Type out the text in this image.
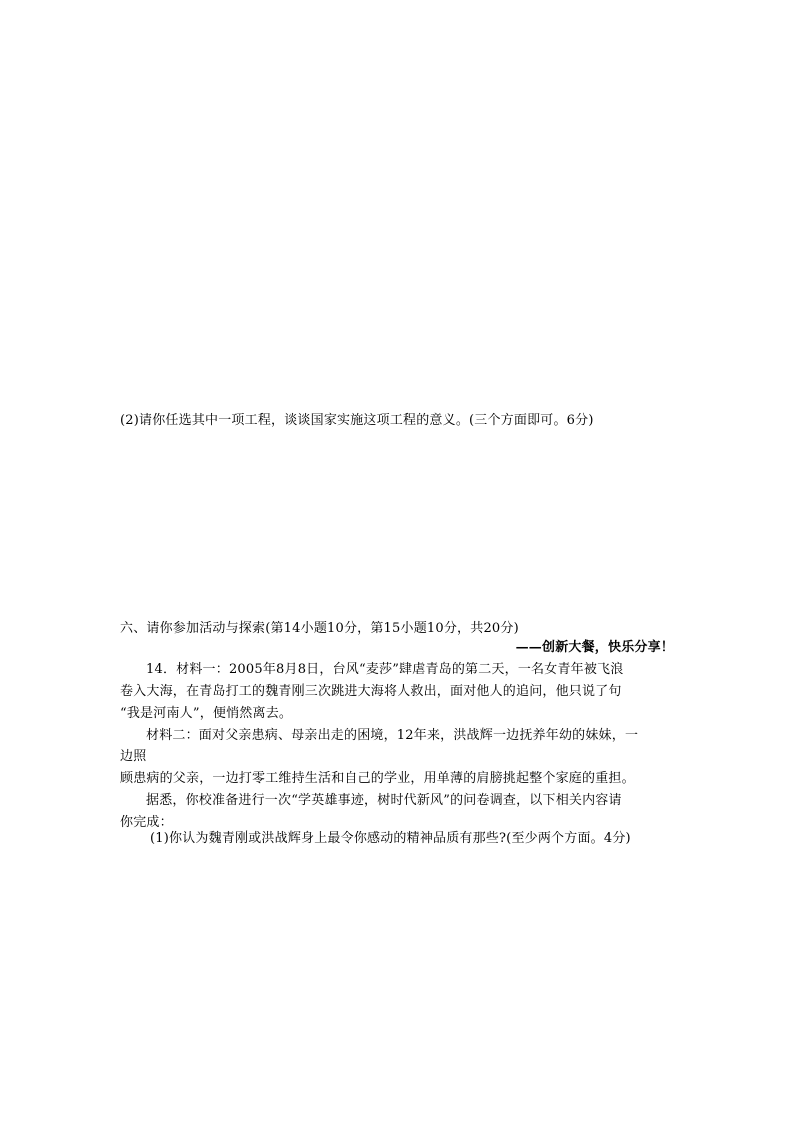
(2)请你任选其中一项工程，谈谈国家实施这项工程的意义。(三个方面即可。6分)
六、请你参加活动与探索(第14小题10分，第15小题10分，共20分)
——创新大餐，快乐分享！
14．材料一：2005年8月8日，台风“麦莎”肆虐青岛的第二天，一名女青年被飞浪
卷入大海，在青岛打工的魏青刚三次跳进大海将人救出，面对他人的追问，他只说了句
“我是河南人”，便悄然离去。
材料二：面对父亲患病、母亲出走的困境，12年来，洪战辉一边抚养年幼的妹妹，一
边照
顾患病的父亲，一边打零工维持生活和自己的学业，用单薄的肩膀挑起整个家庭的重担。
据悉，你校准备进行一次“学英雄事迹，树时代新风”的问卷调查，以下相关内容请
你完成：
(1)你认为魏青刚或洪战辉身上最令你感动的精神品质有那些?(至少两个方面。4分)
